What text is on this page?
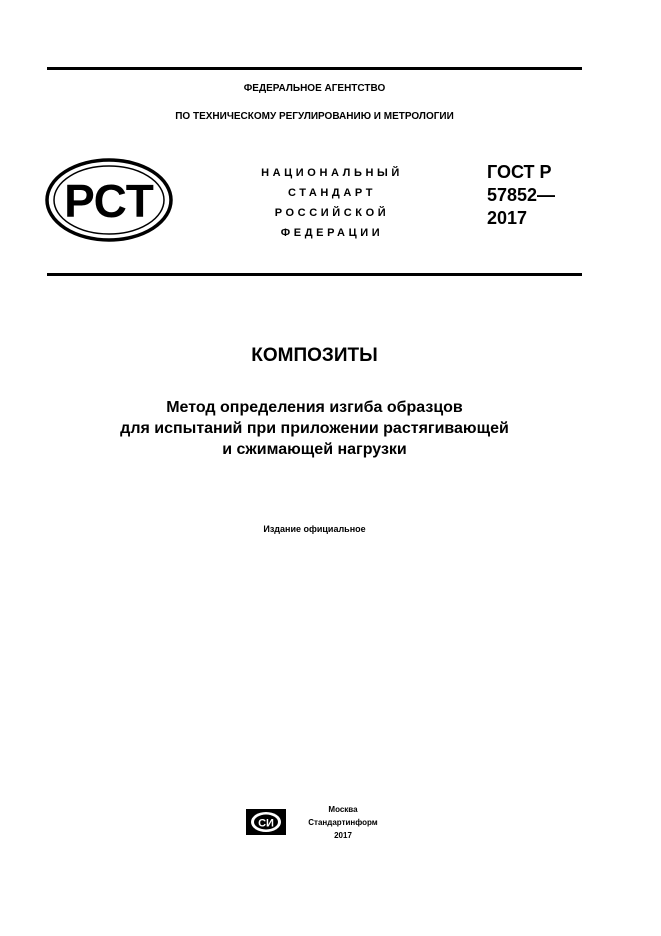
ФЕДЕРАЛЬНОЕ АГЕНТСТВО
ПО ТЕХНИЧЕСКОМУ РЕГУЛИРОВАНИЮ И МЕТРОЛОГИИ
РСТ
НАЦИОНАЛЬНЫЙ
СТАНДАРТ
РОССИЙСКОЙ
ФЕДЕРАЦИИ
ГОСТ Р
57852—
2017
КОМПОЗИТЫ
Метод определения изгиба образцов
для испытаний при приложении растягивающей
и сжимающей нагрузки
Издание официальное
СИ
Москва
Стандартинформ
2017
